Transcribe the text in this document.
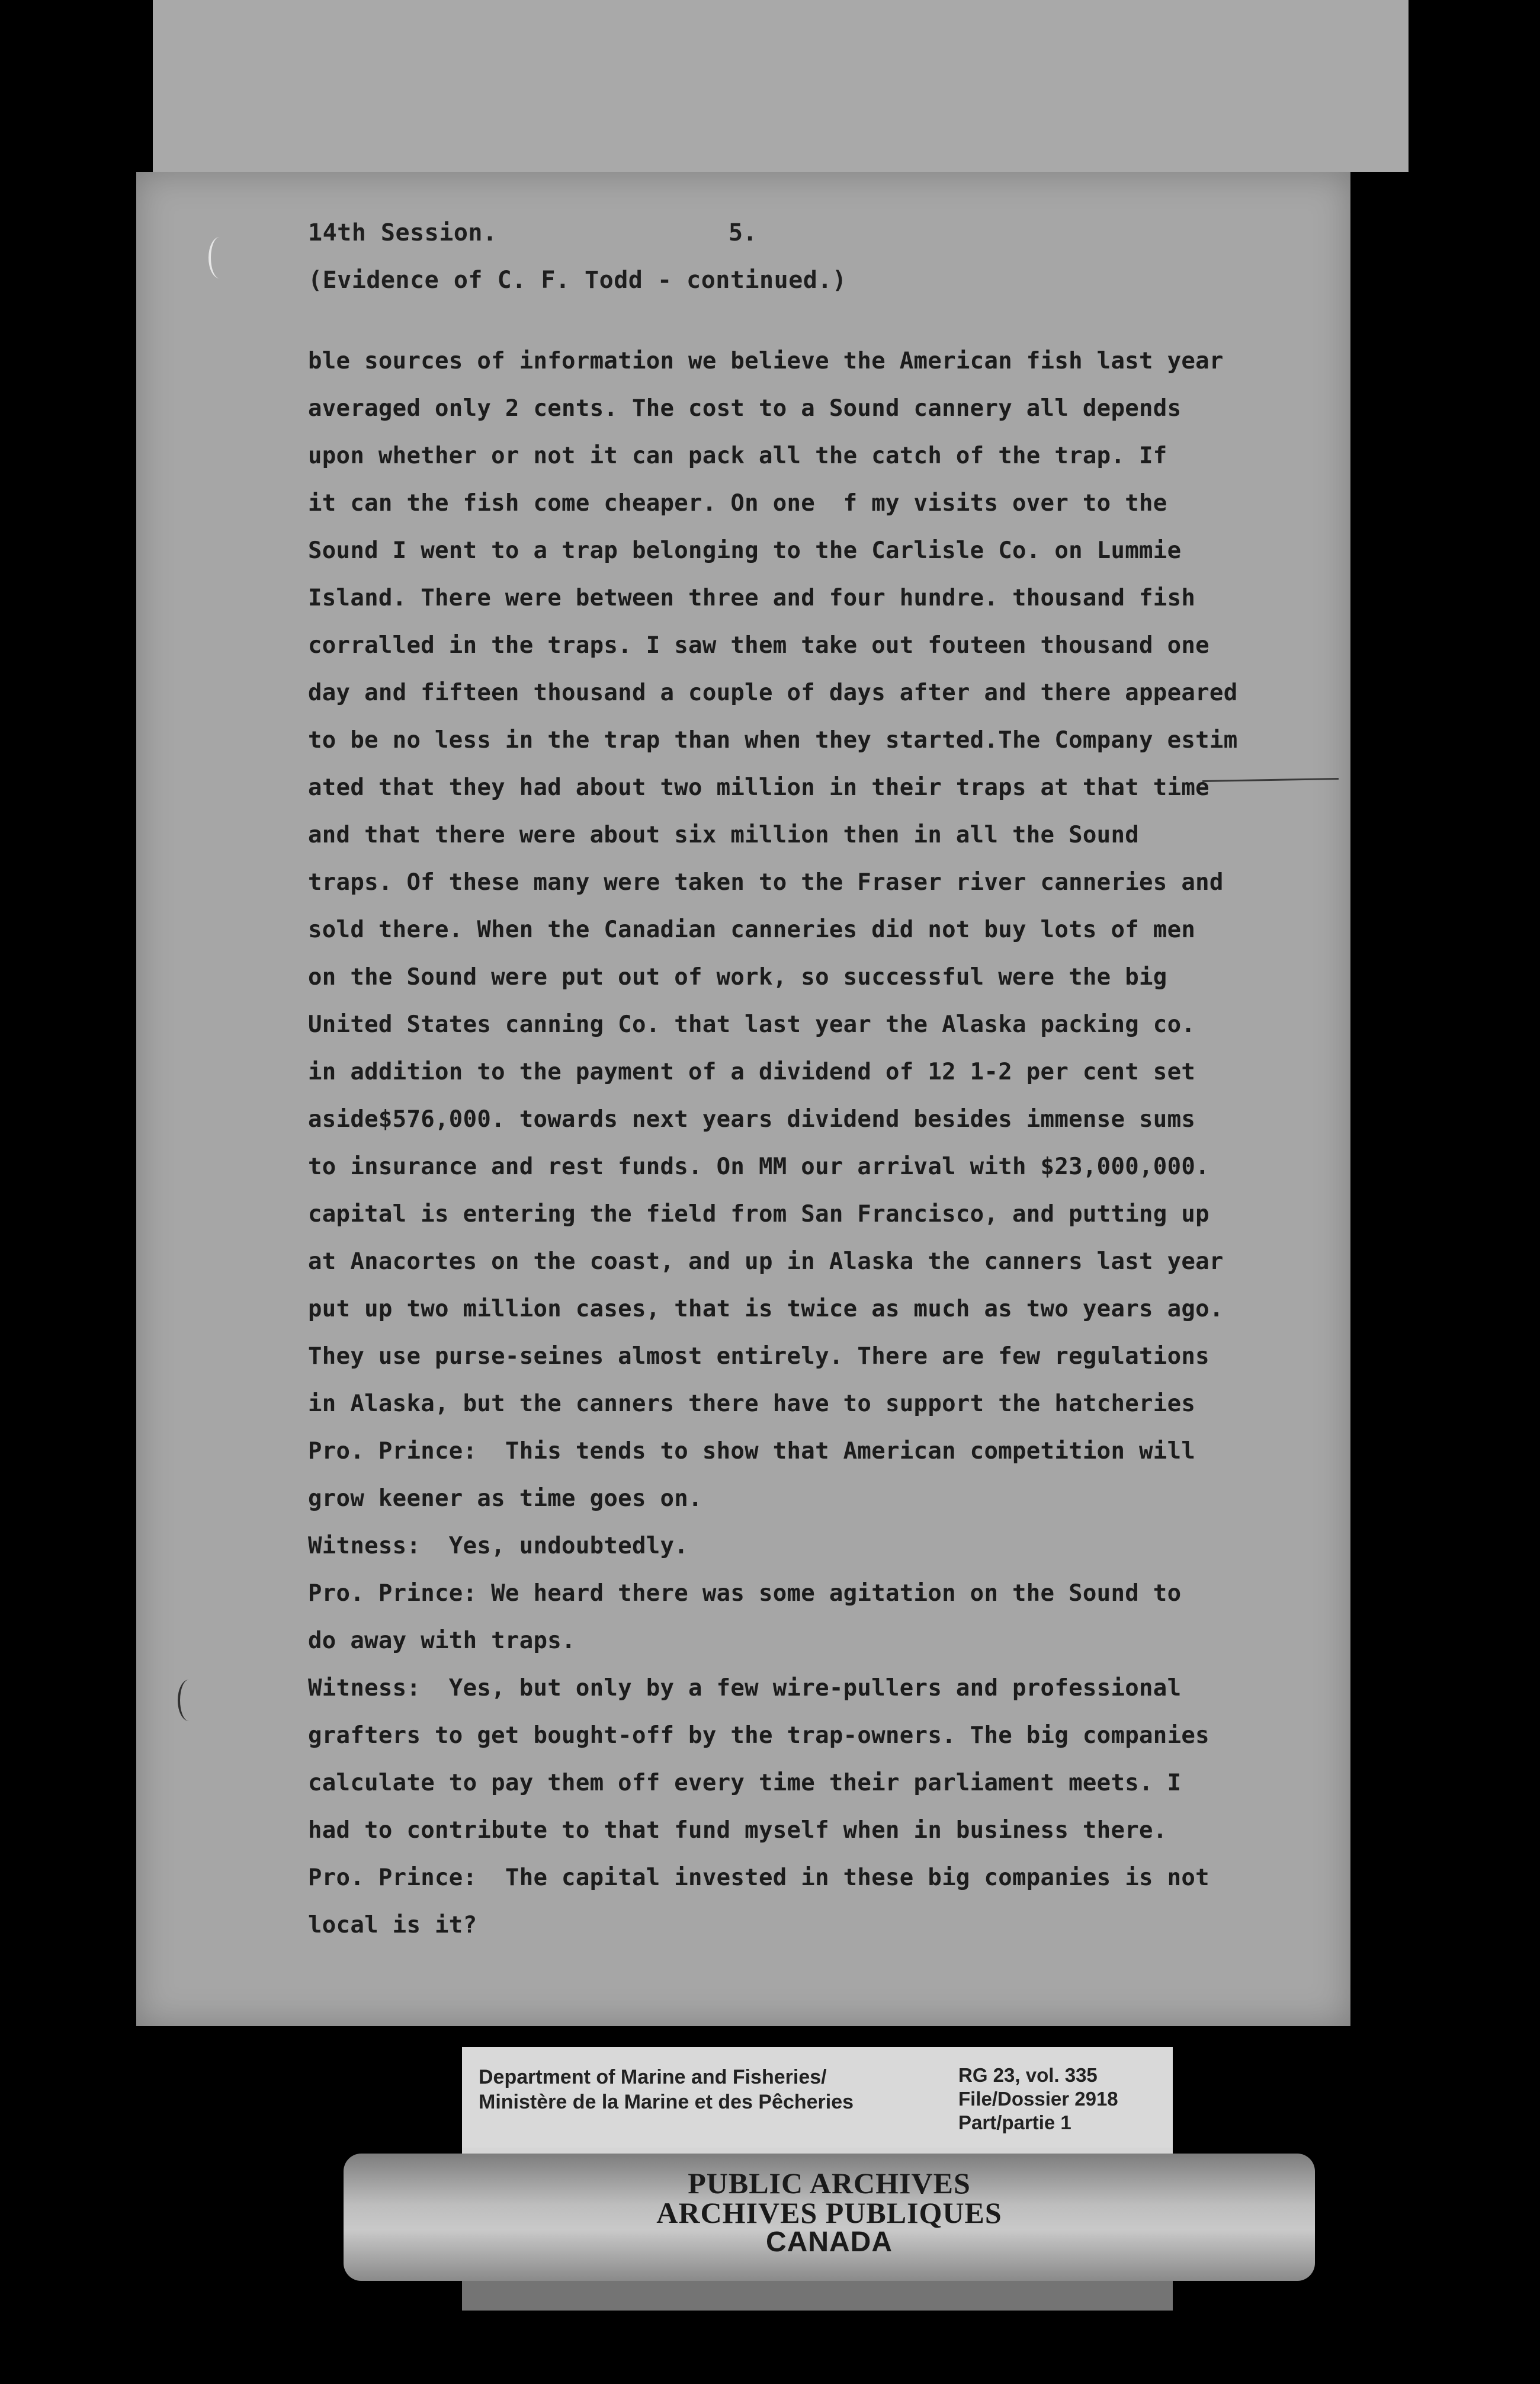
14th Session.	5.
(Evidence of C. F. Todd - continued.)
ble sources of information we believe the American fish last year
averaged only 2 cents. The cost to a Sound cannery all depends
upon whether or not it can pack all the catch of the trap. If
it can the fish come cheaper. On one  f my visits over to the
Sound I went to a trap belonging to the Carlisle Co. on Lummie
Island. There were between three and four hundre. thousand fish
corralled in the traps. I saw them take out fouteen thousand one
day and fifteen thousand a couple of days after and there appeared
to be no less in the trap than when they started.The Company estim
ated that they had about two million in their traps at that time
and that there were about six million then in all the Sound
traps. Of these many were taken to the Fraser river canneries and
sold there. When the Canadian canneries did not buy lots of men
on the Sound were put out of work, so successful were the big
United States canning Co. that last year the Alaska packing co.
in addition to the payment of a dividend of 12 1-2 per cent set
aside$576,000. towards next years dividend besides immense sums
to insurance and rest funds. On MM our arrival with $23,000,000.
capital is entering the field from San Francisco, and putting up
at Anacortes on the coast, and up in Alaska the canners last year
put up two million cases, that is twice as much as two years ago.
They use purse-seines almost entirely. There are few regulations
in Alaska, but the canners there have to support the hatcheries
Pro. Prince:  This tends to show that American competition will
grow keener as time goes on.
Witness:  Yes, undoubtedly.
Pro. Prince: We heard there was some agitation on the Sound to
do away with traps.
Witness:  Yes, but only by a few wire-pullers and professional
grafters to get bought-off by the trap-owners. The big companies
calculate to pay them off every time their parliament meets. I
had to contribute to that fund myself when in business there.
Pro. Prince:  The capital invested in these big companies is not
local is it?
Department of Marine and Fisheries/
Ministère de la Marine et des Pêcheries
RG 23, vol. 335
File/Dossier 2918
Part/partie 1
PUBLIC ARCHIVES
ARCHIVES PUBLIQUES
CANADA
